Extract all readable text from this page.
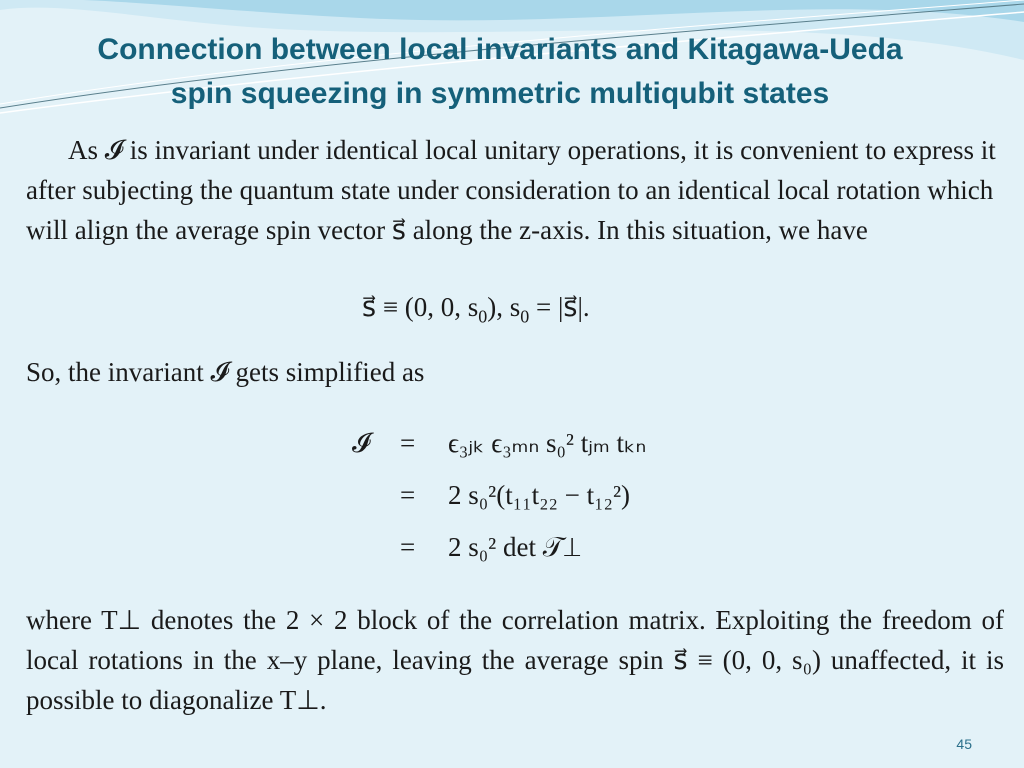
Connection between local invariants and Kitagawa-Ueda
spin squeezing in symmetric multiqubit states

As 𝓘 is invariant under identical local unitary operations, it is convenient to express it after subjecting the quantum state under consideration to an identical local rotation which will align the average spin vector s⃗ along the z-axis. In this situation, we have

s⃗ ≡ (0, 0, $s_0$), $s_0$ = |s⃗|.

So, the invariant 𝓘 gets simplified as

𝓘 = ϵ₃ⱼₖ ϵ₃ₘₙ s₀² tⱼₘ tₖₙ
= 2 s₀²(t₁₁t₂₂ − t₁₂²)
= 2 s₀² det 𝒯⊥

where T⊥ denotes the 2 × 2 block of the correlation matrix. Exploiting the freedom of local rotations in the x–y plane, leaving the average spin s⃗ ≡ (0, 0, s₀) unaffected, it is possible to diagonalize T⊥.

45
